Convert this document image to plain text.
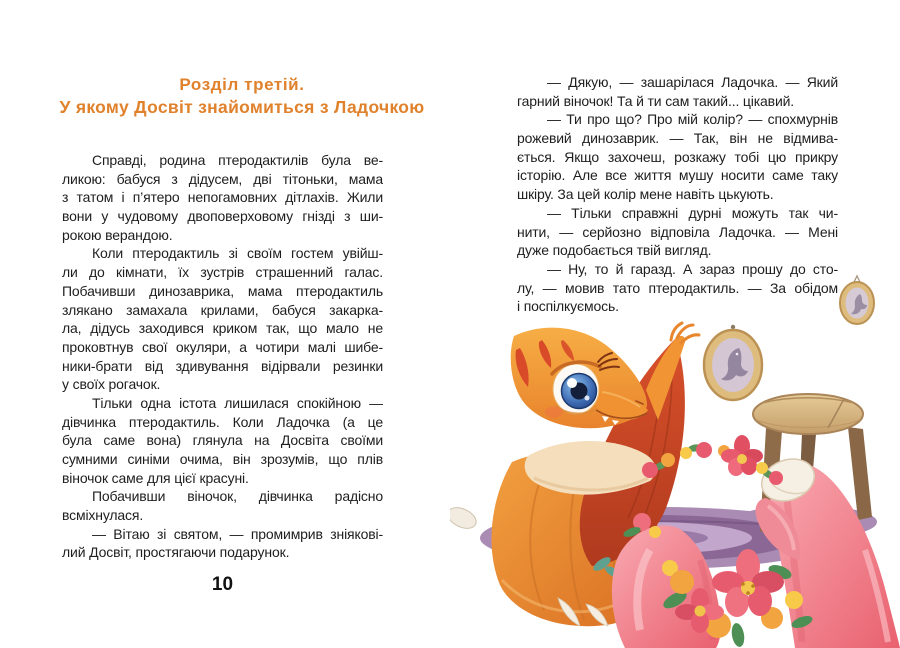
Розділ третій.
У якому Досвіт знайомиться з Ладочкою
Справді, родина птеродактилів була ве-
ликою: бабуся з дідусем, дві тітоньки, мама
з татом і п’ятеро непогамовних дітлахів. Жили
вони у чудовому двоповерховому гнізді з ши-
рокою верандою.
Коли птеродактиль зі своїм гостем увійш-
ли до кімнати, їх зустрів страшенний галас.
Побачивши динозаврика, мама птеродактиль
злякано замахала крилами, бабуся закарка-
ла, дідусь заходився криком так, що мало не
проковтнув свої окуляри, а чотири малі шибе-
ники-брати від здивування відірвали резинки
у своїх рогачок.
Тільки одна істота лишилася спокійною —
дівчинка птеродактиль. Коли Ладочка (а це
була саме вона) глянула на Досвіта своїми
сумними синіми очима, він зрозумів, що плів
віночок саме для цієї красуні.
Побачивши віночок, дівчинка радісно
всміхнулася.
— Вітаю зі святом, — промимрив зніякові-
лий Досвіт, простягаючи подарунок.
10
— Дякую, — зашарілася Ладочка. — Який
гарний віночок! Та й ти сам такий... цікавий.
— Ти про що? Про мій колір? — спохмурнів
рожевий динозаврик. — Так, він не відмива-
ється. Якщо захочеш, розкажу тобі цю прикру
історію. Але все життя мушу носити саме таку
шкіру. За цей колір мене навіть цькують.
— Тільки справжні дурні можуть так чи-
нити, — серйозно відповіла Ладочка. — Мені
дуже подобається твій вигляд.
— Ну, то й гаразд. А зараз прошу до сто-
лу, — мовив тато птеродактиль. — За обідом
і поспілкуємось.
